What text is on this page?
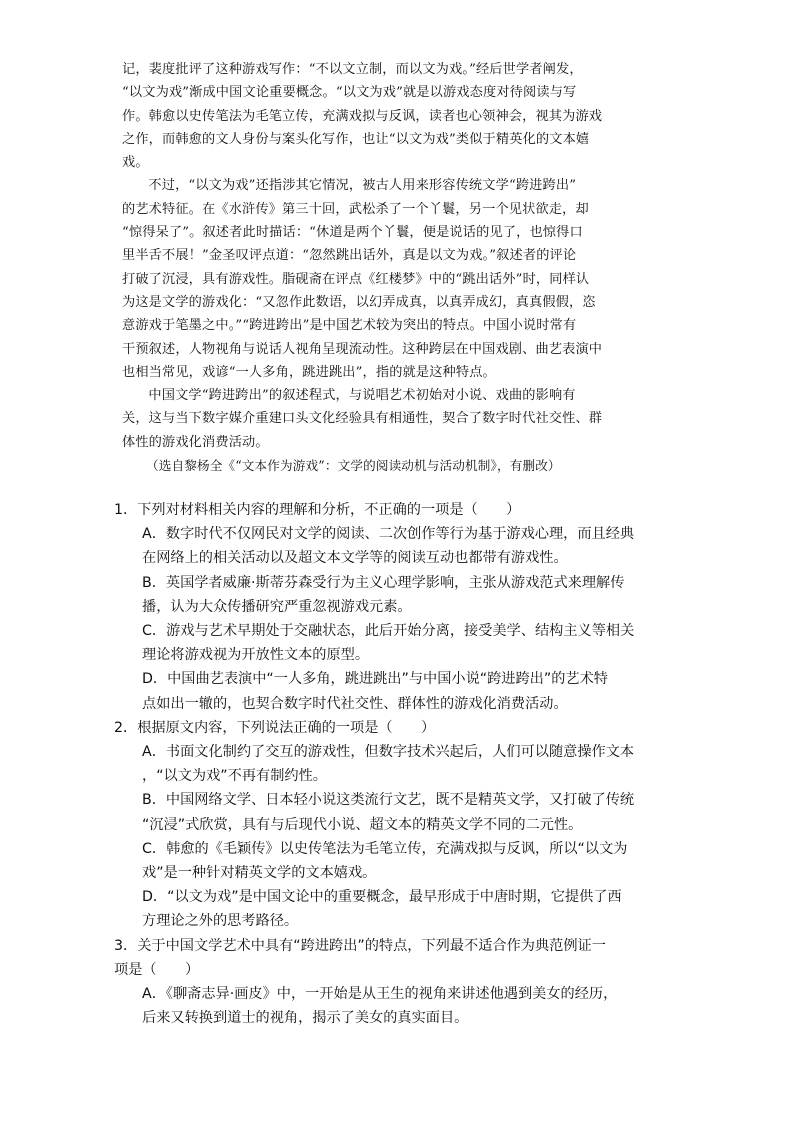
记，裴度批评了这种游戏写作：“不以文立制，而以文为戏。”经后世学者阐发，
“以文为戏”渐成中国文论重要概念。“以文为戏”就是以游戏态度对待阅读与写
作。韩愈以史传笔法为毛笔立传，充满戏拟与反讽，读者也心领神会，视其为游戏
之作，而韩愈的文人身份与案头化写作，也让“以文为戏”类似于精英化的文本嬉
戏。

不过，“以文为戏”还指涉其它情况，被古人用来形容传统文学“跨进跨出”
的艺术特征。在《水浒传》第三十回，武松杀了一个丫鬟，另一个见状欲走，却
“惊得呆了”。叙述者此时描话：“休道是两个丫鬟，便是说话的见了，也惊得口
里半舌不展！”金圣叹评点道：“忽然跳出话外，真是以文为戏。”叙述者的评论
打破了沉浸，具有游戏性。脂砚斋在评点《红楼梦》中的“跳出话外”时，同样认
为这是文学的游戏化：“又忽作此数语，以幻弄成真，以真弄成幻，真真假假，恣
意游戏于笔墨之中。”“跨进跨出”是中国艺术较为突出的特点。中国小说时常有
干预叙述，人物视角与说话人视角呈现流动性。这种跨层在中国戏剧、曲艺表演中
也相当常见，戏谚“一人多角，跳进跳出”，指的就是这种特点。

中国文学“跨进跨出”的叙述程式，与说唱艺术初始对小说、戏曲的影响有
关，这与当下数字媒介重建口头文化经验具有相通性，契合了数字时代社交性、群
体性的游戏化消费活动。

（选自黎杨全《“文本作为游戏”：文学的阅读动机与活动机制》，有删改）

1．下列对材料相关内容的理解和分析，不正确的一项是（　　）

A．数字时代不仅网民对文学的阅读、二次创作等行为基于游戏心理，而且经典
在网络上的相关活动以及超文本文学等的阅读互动也都带有游戏性。

B．英国学者威廉·斯蒂芬森受行为主义心理学影响，主张从游戏范式来理解传
播，认为大众传播研究严重忽视游戏元素。

C．游戏与艺术早期处于交融状态，此后开始分离，接受美学、结构主义等相关
理论将游戏视为开放性文本的原型。

D．中国曲艺表演中“一人多角，跳进跳出”与中国小说“跨进跨出”的艺术特
点如出一辙的，也契合数字时代社交性、群体性的游戏化消费活动。

2．根据原文内容，下列说法正确的一项是（　　）

A．书面文化制约了交互的游戏性，但数字技术兴起后，人们可以随意操作文本
，“以文为戏”不再有制约性。

B．中国网络文学、日本轻小说这类流行文艺，既不是精英文学，又打破了传统
“沉浸”式欣赏，具有与后现代小说、超文本的精英文学不同的二元性。

C．韩愈的《毛颖传》以史传笔法为毛笔立传，充满戏拟与反讽，所以“以文为
戏”是一种针对精英文学的文本嬉戏。

D．“以文为戏”是中国文论中的重要概念，最早形成于中唐时期，它提供了西
方理论之外的思考路径。

3．关于中国文学艺术中具有“跨进跨出”的特点，下列最不适合作为典范例证一
项是（　　）

A．《聊斋志异·画皮》中，一开始是从王生的视角来讲述他遇到美女的经历，
后来又转换到道士的视角，揭示了美女的真实面目。
